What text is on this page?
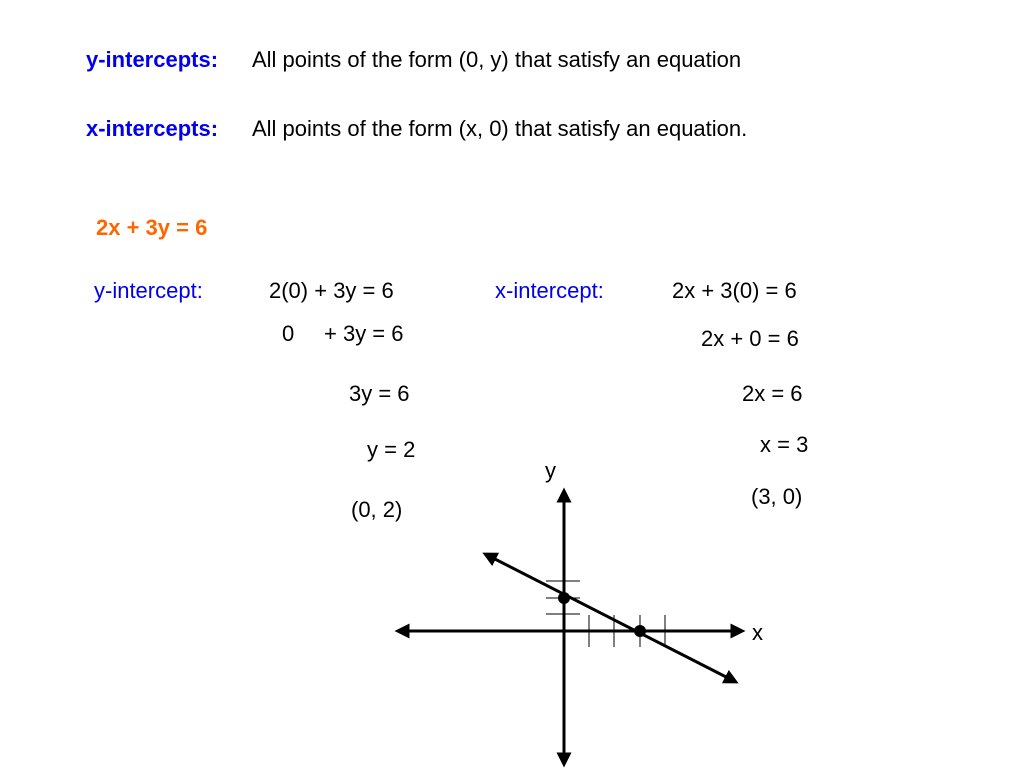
y-intercepts: All points of the form (0, y) that satisfy an equation
x-intercepts: All points of the form (x, 0) that satisfy an equation.
2x + 3y = 6
y-intercept:	2(0) + 3y = 6
0 + 3y = 6
3y = 6
y = 2
(0, 2)
x-intercept:	2x + 3(0) = 6
2x + 0 = 6
2x = 6
x = 3
(3, 0)
x
y
